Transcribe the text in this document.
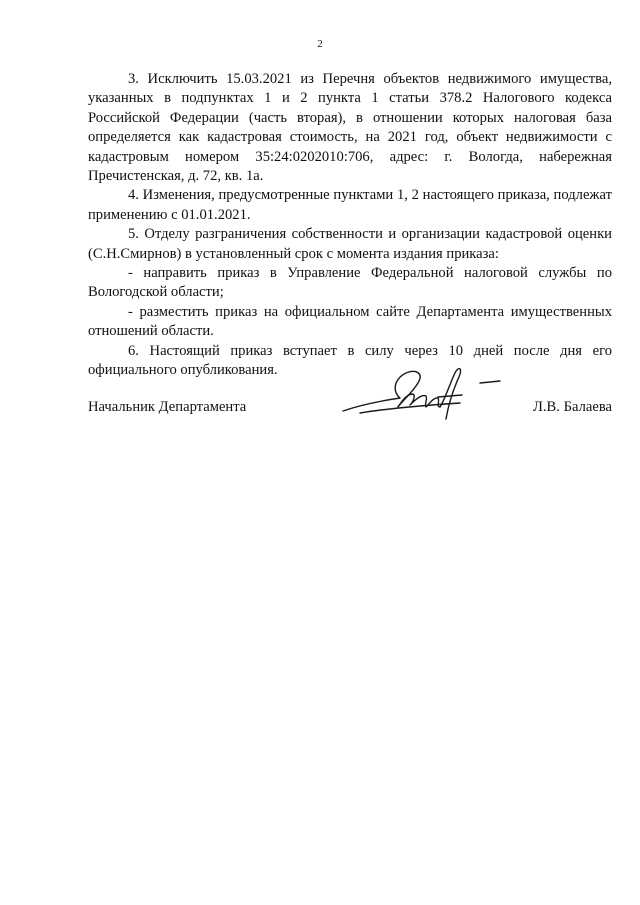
2

3. Исключить 15.03.2021 из Перечня объектов недвижимого имущества, указанных в подпунктах 1 и 2 пункта 1 статьи 378.2 Налогового кодекса Российской Федерации (часть вторая), в отношении которых налоговая база определяется как кадастровая стоимость, на 2021 год, объект недвижимости с кадастровым номером 35:24:0202010:706, адрес: г. Вологда, набережная Пречистенская, д. 72, кв. 1а.

4. Изменения, предусмотренные пунктами 1, 2 настоящего приказа, подлежат применению с 01.01.2021.

5. Отделу разграничения собственности и организации кадастровой оценки (С.Н.Смирнов) в установленный срок с момента издания приказа:

- направить приказ в Управление Федеральной налоговой службы по Вологодской области;

- разместить приказ на официальном сайте Департамента имущественных отношений области.

6. Настоящий приказ вступает в силу через 10 дней после дня его официального опубликования.

Начальник Департамента	Л.В. Балаева
